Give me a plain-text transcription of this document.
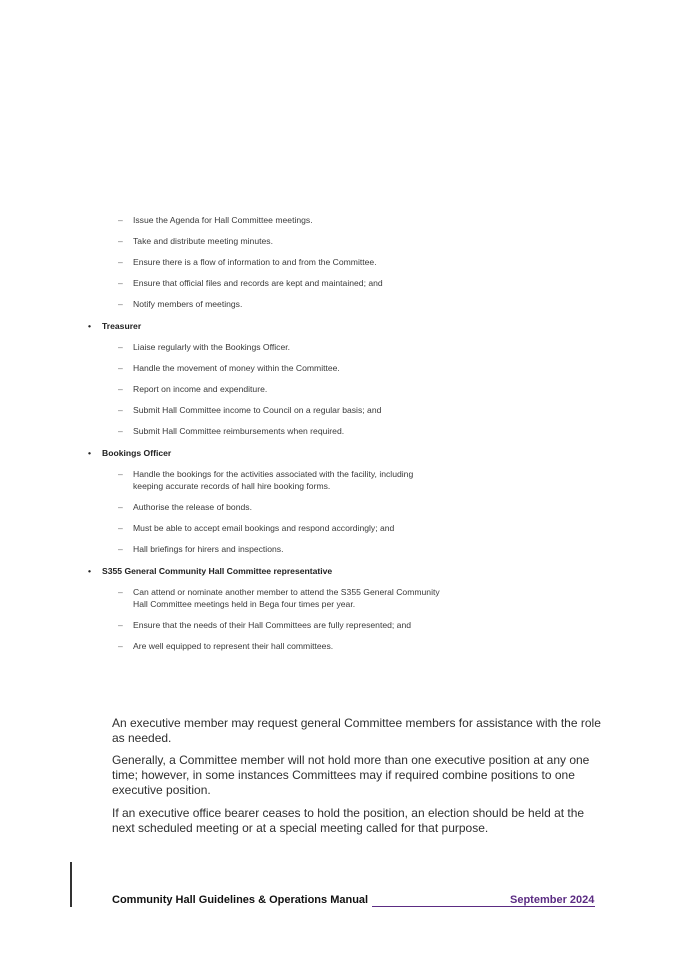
– Issue the Agenda for Hall Committee meetings.
– Take and distribute meeting minutes.
– Ensure there is a flow of information to and from the Committee.
– Ensure that official files and records are kept and maintained; and
– Notify members of meetings.
• Treasurer
– Liaise regularly with the Bookings Officer.
– Handle the movement of money within the Committee.
– Report on income and expenditure.
– Submit Hall Committee income to Council on a regular basis; and
– Submit Hall Committee reimbursements when required.
• Bookings Officer
– Handle the bookings for the activities associated with the facility, including
keeping accurate records of hall hire booking forms.
– Authorise the release of bonds.
– Must be able to accept email bookings and respond accordingly; and
– Hall briefings for hirers and inspections.
• S355 General Community Hall Committee representative
– Can attend or nominate another member to attend the S355 General Community
Hall Committee meetings held in Bega four times per year.
– Ensure that the needs of their Hall Committees are fully represented; and
– Are well equipped to represent their hall committees.

An executive member may request general Committee members for assistance with the role as needed.

Generally, a Committee member will not hold more than one executive position at any one time; however, in some instances Committees may if required combine positions to one executive position.

If an executive office bearer ceases to hold the position, an election should be held at the next scheduled meeting or at a special meeting called for that purpose.

Community Hall Guidelines & Operations Manual	September 2024
